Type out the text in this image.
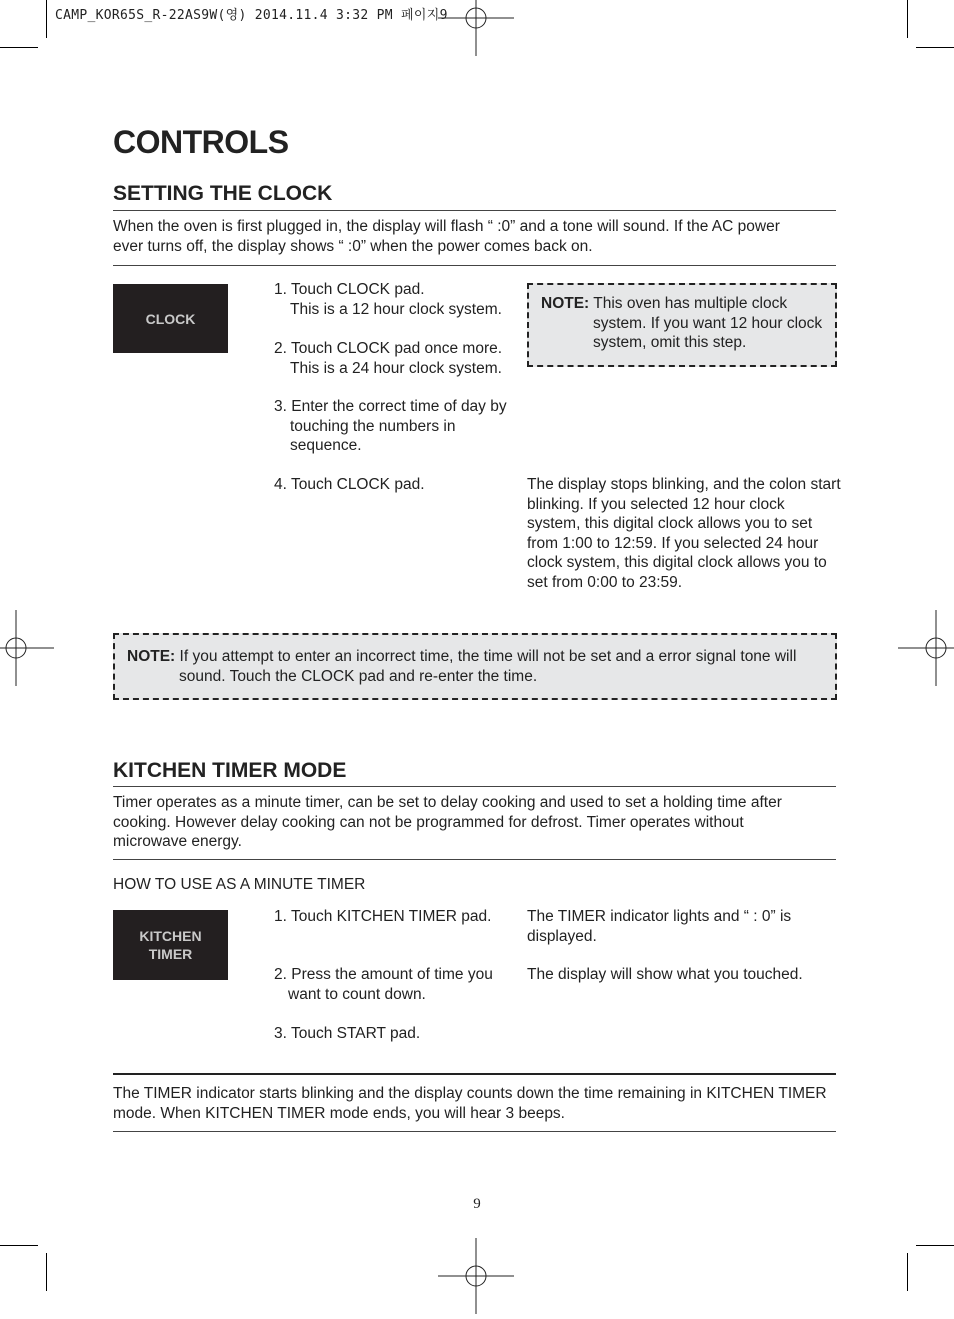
CAMP_KOR65S_R-22AS9W(영) 2014.11.4 3:32 PM 페이지9
CONTROLS
SETTING THE CLOCK
When the oven is first plugged in, the display will flash “ :0” and a tone will sound. If the AC power
ever turns off, the display shows “ :0” when the power comes back on.
CLOCK
1. Touch CLOCK pad.
This is a 12 hour clock system.
2. Touch CLOCK pad once more.
This is a 24 hour clock system.
3. Enter the correct time of day by
touching the numbers in
sequence.
4. Touch CLOCK pad.
NOTE: This oven has multiple clock
system. If you want 12 hour clock
system, omit this step.
The display stops blinking, and the colon start
blinking. If you selected 12 hour clock
system, this digital clock allows you to set
from 1:00 to 12:59. If you selected 24 hour
clock system, this digital clock allows you to
set from 0:00 to 23:59.
NOTE: If you attempt to enter an incorrect time, the time will not be set and a error signal tone will
sound. Touch the CLOCK pad and re-enter the time.
KITCHEN TIMER MODE
Timer operates as a minute timer, can be set to delay cooking and used to set a holding time after
cooking. However delay cooking can not be programmed for defrost. Timer operates without
microwave energy.
HOW TO USE AS A MINUTE TIMER
KITCHEN
TIMER
1. Touch KITCHEN TIMER pad.
2. Press the amount of time you
want to count down.
3. Touch START pad.
The TIMER indicator lights and “ : 0” is
displayed.
The display will show what you touched.
The TIMER indicator starts blinking and the display counts down the time remaining in KITCHEN TIMER
mode. When KITCHEN TIMER mode ends, you will hear 3 beeps.
9
